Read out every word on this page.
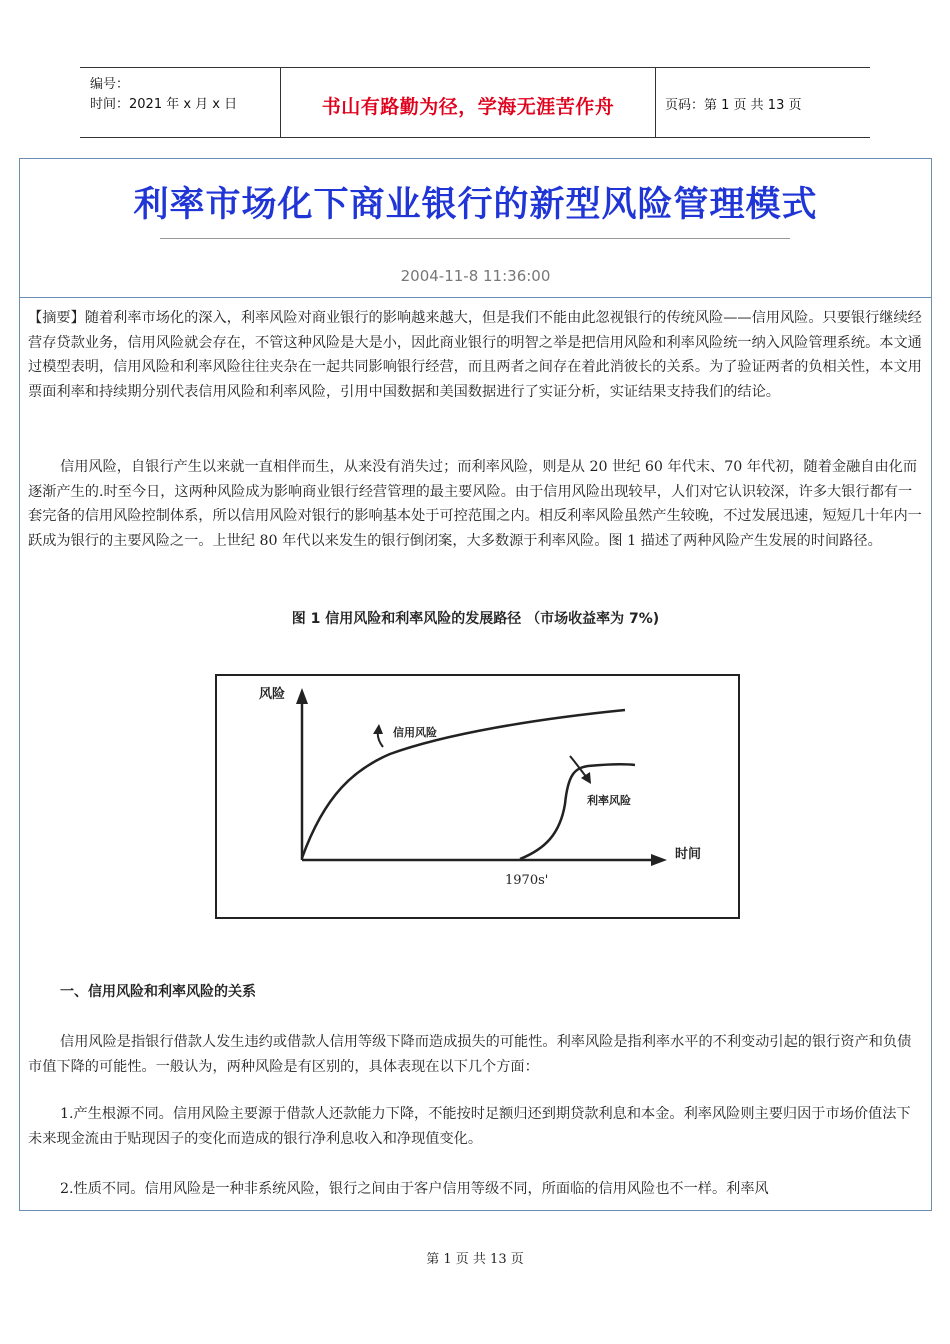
编号：
时间：2021 年 x 月 x 日	书山有路勤为径，学海无涯苦作舟	页码：第 1 页 共 13 页
利率市场化下商业银行的新型风险管理模式
2004-11-8 11:36:00
【摘要】随着利率市场化的深入，利率风险对商业银行的影响越来越大，但是我们不能由此忽视银行的传统风险——信用风险。只要银行继续经营存贷款业务，信用风险就会存在，不管这种风险是大是小，因此商业银行的明智之举是把信用风险和利率风险统一纳入风险管理系统。本文通过模型表明，信用风险和利率风险往往夹杂在一起共同影响银行经营，而且两者之间存在着此消彼长的关系。为了验证两者的负相关性，本文用票面利率和持续期分别代表信用风险和利率风险，引用中国数据和美国数据进行了实证分析，实证结果支持我们的结论。
信用风险，自银行产生以来就一直相伴而生，从来没有消失过；而利率风险，则是从 20 世纪 60 年代末、70 年代初，随着金融自由化而逐渐产生的.时至今日，这两种风险成为影响商业银行经营管理的最主要风险。由于信用风险出现较早，人们对它认识较深，许多大银行都有一套完备的信用风险控制体系，所以信用风险对银行的影响基本处于可控范围之内。相反利率风险虽然产生较晚，不过发展迅速，短短几十年内一跃成为银行的主要风险之一。上世纪 80 年代以来发生的银行倒闭案，大多数源于利率风险。图 1 描述了两种风险产生发展的时间路径。
图 1 信用风险和利率风险的发展路径 （市场收益率为 7%)
风险
时间
1970s'
信用风险
利率风险
一、信用风险和利率风险的关系
信用风险是指银行借款人发生违约或借款人信用等级下降而造成损失的可能性。利率风险是指利率水平的不利变动引起的银行资产和负债市值下降的可能性。一般认为，两种风险是有区别的，具体表现在以下几个方面：
1.产生根源不同。信用风险主要源于借款人还款能力下降，不能按时足额归还到期贷款利息和本金。利率风险则主要归因于市场价值法下未来现金流由于贴现因子的变化而造成的银行净利息收入和净现值变化。
2.性质不同。信用风险是一种非系统风险，银行之间由于客户信用等级不同，所面临的信用风险也不一样。利率风
第 1 页 共 13 页
